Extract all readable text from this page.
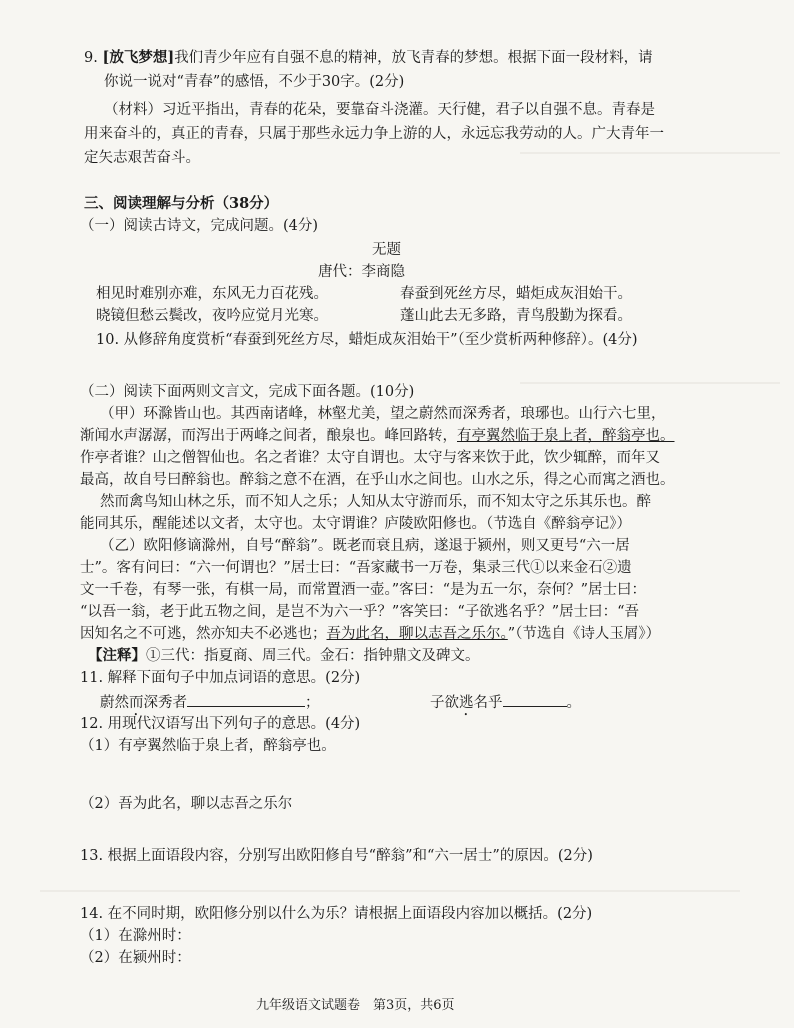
9. [放飞梦想]我们青少年应有自强不息的精神，放飞青春的梦想。根据下面一段材料，请
你说一说对“青春”的感悟，不少于30字。(2分)
（材料）习近平指出，青春的花朵，要靠奋斗浇灌。天行健，君子以自强不息。青春是
用来奋斗的，真正的青春，只属于那些永远力争上游的人，永远忘我劳动的人。广大青年一
定矢志艰苦奋斗。
三、阅读理解与分析（38分）
（一）阅读古诗文，完成问题。(4分)
无题
唐代：李商隐
相见时难别亦难，东风无力百花残。	春蚕到死丝方尽，蜡炬成灰泪始干。
晓镜但愁云鬓改，夜吟应觉月光寒。	蓬山此去无多路，青鸟殷勤为探看。
10. 从修辞角度赏析“春蚕到死丝方尽，蜡炬成灰泪始干”（至少赏析两种修辞）。(4分)
（二）阅读下面两则文言文，完成下面各题。(10分)
（甲）环滁皆山也。其西南诸峰，林壑尤美，望之蔚然而深秀者，琅琊也。山行六七里，
渐闻水声潺潺，而泻出于两峰之间者，酿泉也。峰回路转，有亭翼然临于泉上者，醉翁亭也。
作亭者谁？山之僧智仙也。名之者谁？太守自谓也。太守与客来饮于此，饮少辄醉，而年又
最高，故自号曰醉翁也。醉翁之意不在酒，在乎山水之间也。山水之乐，得之心而寓之酒也。
然而禽鸟知山林之乐，而不知人之乐；人知从太守游而乐，而不知太守之乐其乐也。醉
能同其乐，醒能述以文者，太守也。太守谓谁？庐陵欧阳修也。（节选自《醉翁亭记》）
（乙）欧阳修谪滁州，自号“醉翁”。既老而衰且病，遂退于颍州，则又更号“六一居
士”。客有问曰：“六一何谓也？”居士曰：“吾家藏书一万卷，集录三代①以来金石②遗
文一千卷，有琴一张，有棋一局，而常置酒一壶。”客曰：“是为五一尔，奈何？”居士曰：
“以吾一翁，老于此五物之间，是岂不为六一乎？”客笑曰：“子欲逃名乎？”居士曰：“吾
因知名之不可逃，然亦知夫不必逃也；吾为此名，聊以志吾之乐尔。”（节选自《诗人玉屑》）
【注释】①三代：指夏商、周三代。金石：指钟鼎文及碑文。
11. 解释下面句子中加点词语的意思。(2分)
蔚然而深秀者	；	子欲逃名乎	。
12. 用现代汉语写出下列句子的意思。(4分)
（1）有亭翼然临于泉上者，醉翁亭也。
（2）吾为此名，聊以志吾之乐尔
13. 根据上面语段内容，分别写出欧阳修自号“醉翁”和“六一居士”的原因。(2分)
14. 在不同时期，欧阳修分别以什么为乐？请根据上面语段内容加以概括。(2分)
（1）在滁州时：
（2）在颍州时：
九年级语文试题卷　第3页，共6页
